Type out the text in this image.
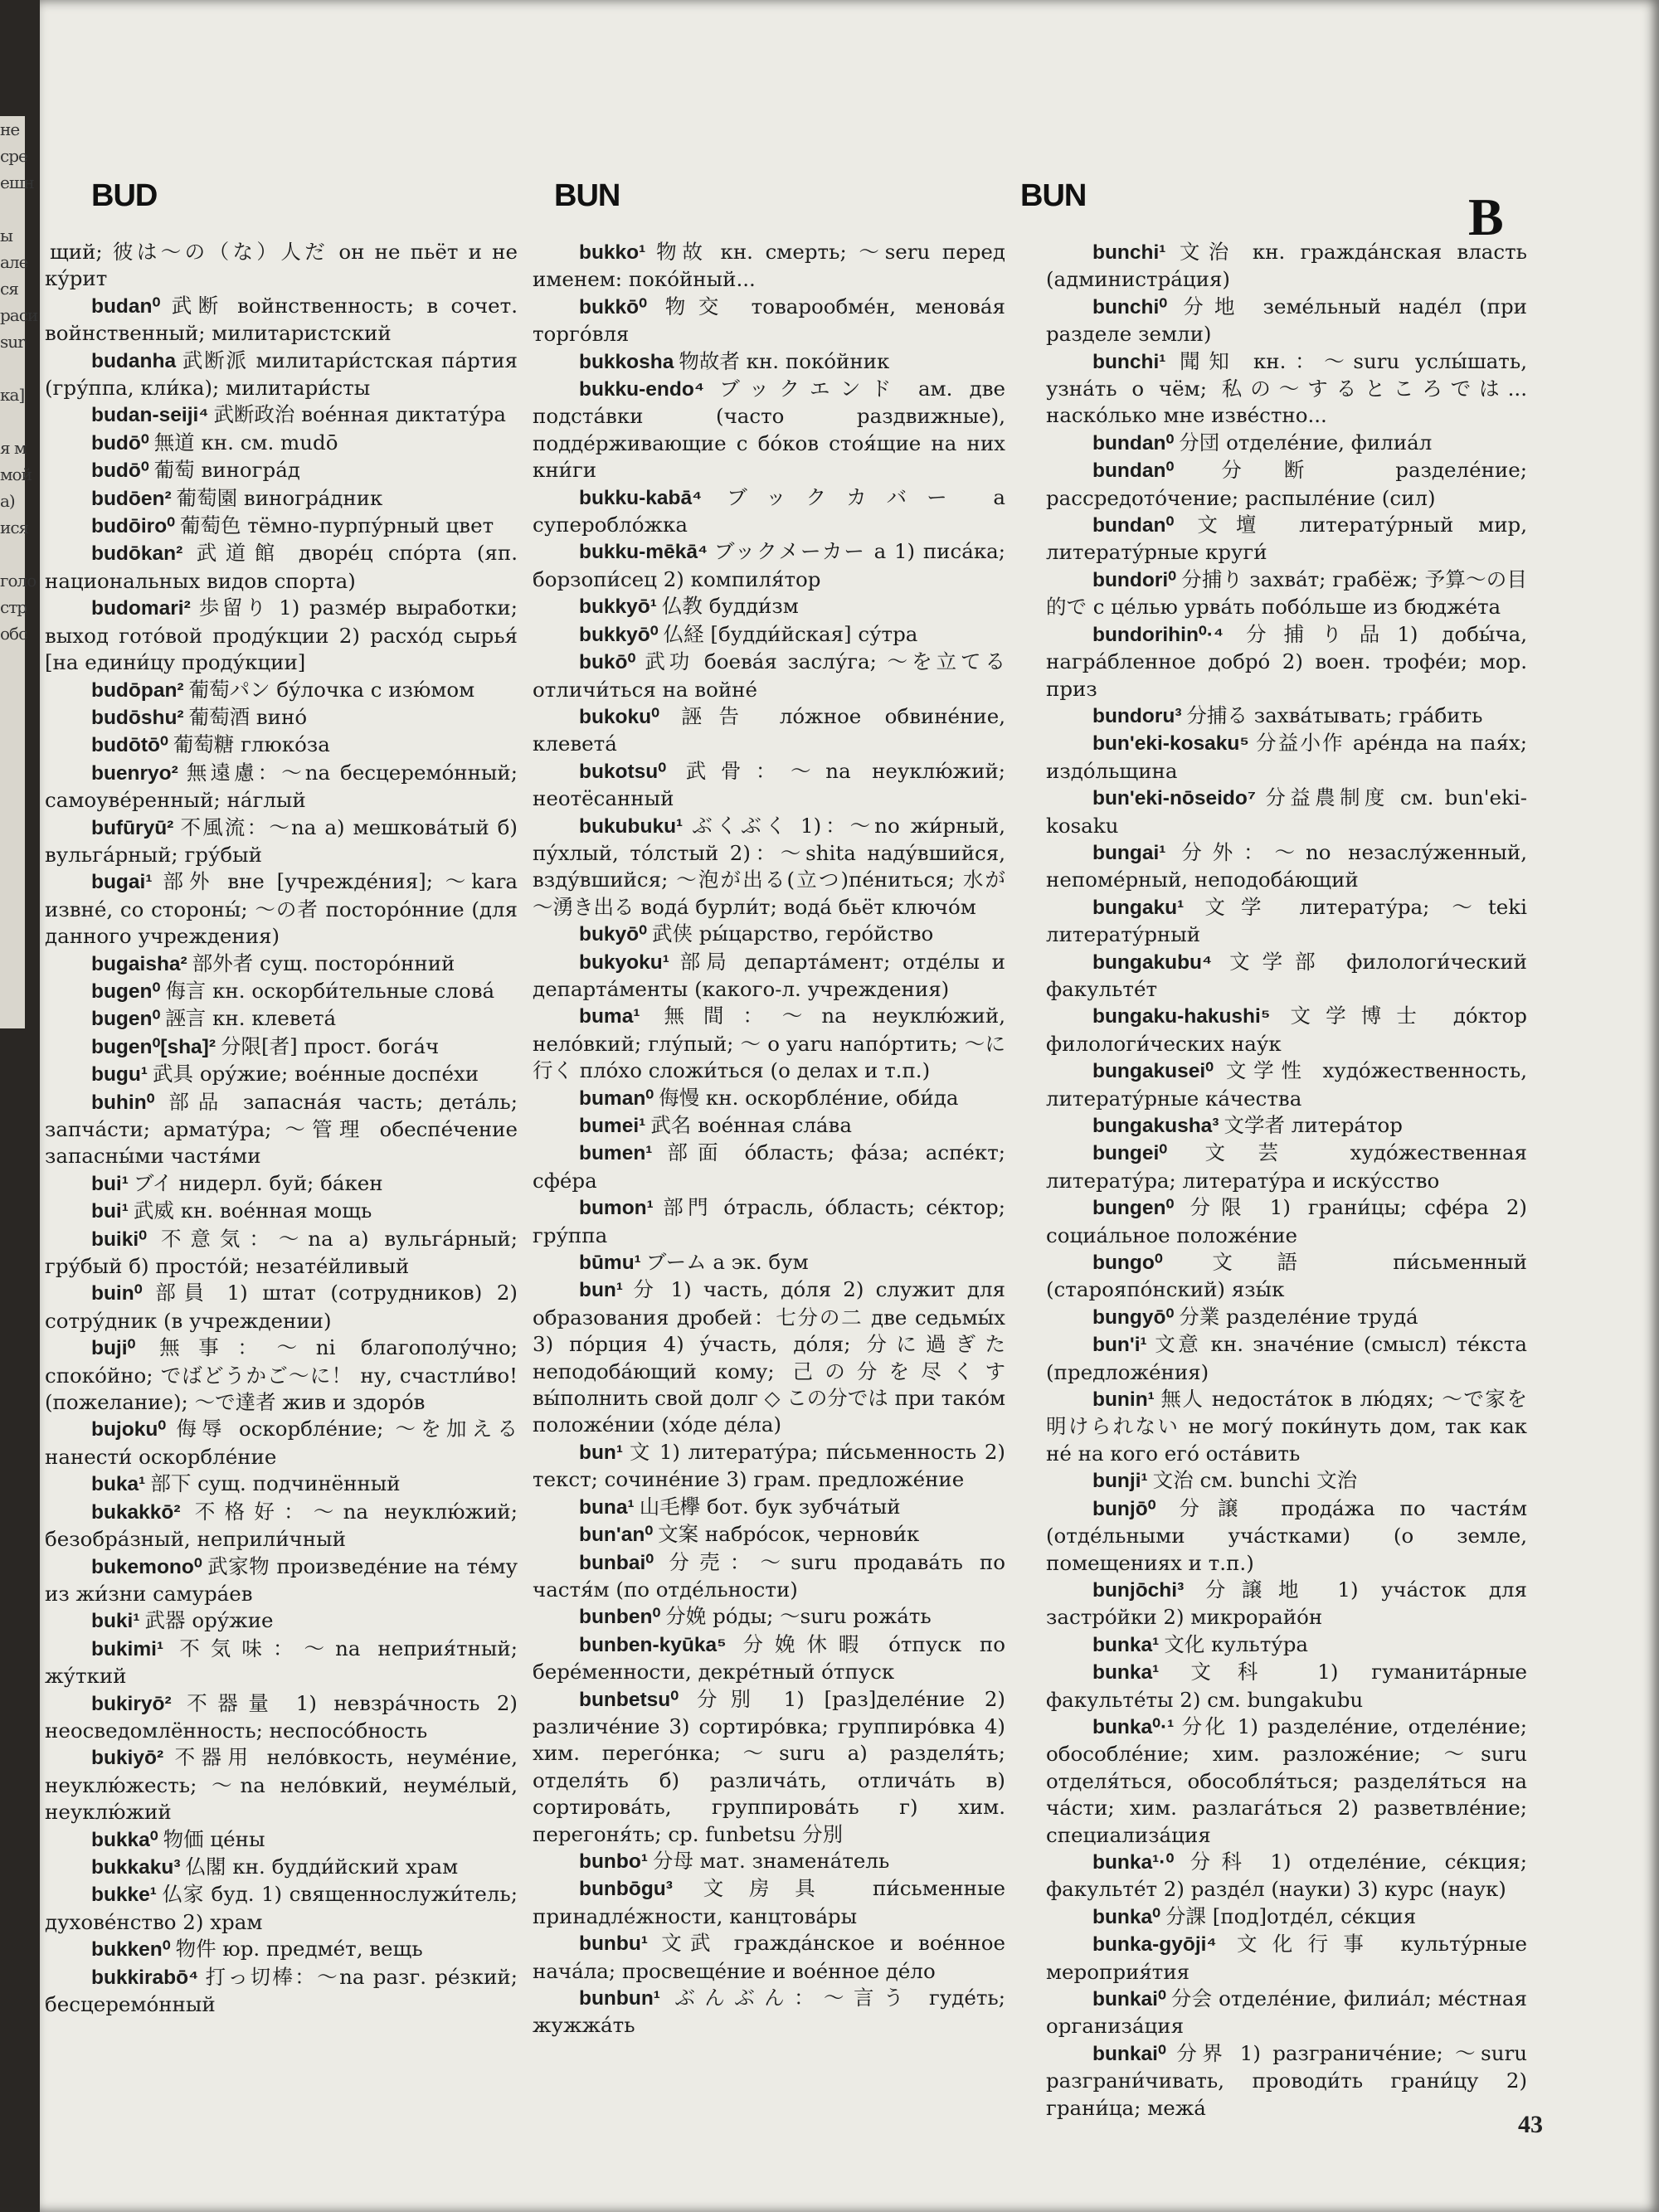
не
сре
ешн

ы
але
ся
раси
sur

ка]

я м
мой
а)
ися

голо
стр
обс

BUD	BUN	BUN	B

щий; 彼は～の（な）人だ он не пьёт и не ку́рит

budan⁰ 武断 войнственность; в сочет. войнственный; милитаристский

budanha 武断派 милитари́стская па́ртия (гру́ппа, кли́ка); милитари́сты

budan-seiji⁴ 武断政治 вое́нная диктату́ра

budō⁰ 無道 кн. см. mudō

budō⁰ 葡萄 виногра́д

budōen² 葡萄園 виногра́дник

budōiro⁰ 葡萄色 тёмно-пурпу́рный цвет

budōkan² 武道館 дворе́ц спо́рта (яп. национальных видов спорта)

budomari² 歩留り 1) разме́р выработки; выход гото́вой проду́кции 2) расхо́д сырья́ [на едини́цу проду́кции]

budōpan² 葡萄パン бу́лочка с изю́мом

budōshu² 葡萄酒 вино́

budōtō⁰ 葡萄糖 глюко́за

buenryo² 無遠慮：～na бесцеремо́нный; самоуве́ренный; на́глый

bufūryū² 不風流：～na а) мешкова́тый б) вульга́рный; гру́бый

bugai¹ 部外 вне [учрежде́ния]; ～kara извне́, со стороны́; ～の者 посторо́нние (для данного учреждения)

bugaisha² 部外者 сущ. посторо́нний

bugen⁰ 侮言 кн. оскорби́тельные слова́

bugen⁰ 誣言 кн. клевета́

bugen⁰[sha]² 分限[者] прост. бога́ч

bugu¹ 武具 ору́жие; вое́нные доспе́хи

buhin⁰ 部品 запасна́я часть; дета́ль; запча́сти; армату́ра; ～管理 обеспе́чение запасны́ми частя́ми

bui¹ ブイ нидерл. буй; ба́кен

bui¹ 武威 кн. вое́нная мощь

buiki⁰ 不意気：～na а) вульга́рный; гру́бый б) просто́й; незате́йливый

buin⁰ 部員 1) штат (сотрудников) 2) сотру́дник (в учреждении)

buji⁰ 無事：～ni благополу́чно; споко́йно; でばどうかご～に！ ну, счастли́во! (пожелание); ～で達者 жив и здоро́в

bujoku⁰ 侮辱 оскорбле́ние; ～を加える нанести́ оскорбле́ние

buka¹ 部下 сущ. подчинённый

bukakkō² 不格好：～na неуклю́жий; безобра́зный, неприли́чный

bukemono⁰ 武家物 произведе́ние на те́му из жи́зни самура́ев

buki¹ 武器 ору́жие

bukimi¹ 不気味：～na неприя́тный; жу́ткий

bukiryō² 不器量 1) невзра́чность 2) неосведомлённость; неспосо́бность

bukiyō² 不器用 нело́вкость, неуме́ние, неуклю́жесть; ～na нело́вкий, неуме́лый, неуклю́жий

bukka⁰ 物価 це́ны

bukkaku³ 仏閣 кн. будди́йский храм

bukke¹ 仏家 буд. 1) священнослужи́тель; духове́нство 2) храм

bukken⁰ 物件 юр. предме́т, вещь

bukkirabō⁴ 打っ切棒：～na разг. ре́зкий; бесцеремо́нный

bukko¹ 物故 кн. смерть; ～seru перед именем: поко́йный...

bukkō⁰ 物交 товарообме́н, менова́я торго́вля

bukkosha 物故者 кн. поко́йник

bukku-endo⁴ ブックエンド ам. две подста́вки (часто раздвижные), подде́рживающие с бо́ков стоя́щие на них кни́ги

bukku-kabā⁴ ブックカバー а суперобло́жка

bukku-mēkā⁴ ブックメーカー а 1) писа́ка; борзопи́сец 2) компиля́тор

bukkyō¹ 仏教 будди́зм

bukkyō⁰ 仏経 [будди́йская] су́тра

bukō⁰ 武功 боева́я заслу́га; ～を立てる отличи́ться на войне́

bukoku⁰ 誣告 ло́жное обвине́ние, клевета́

bukotsu⁰ 武骨：～na неуклю́жий; неотёсанный

bukubuku¹ ぶくぶく 1)：～no жи́рный, пу́хлый, то́лстый 2)：～shita наду́вшийся, взду́вшийся; ～泡が出る(立つ)пе́ниться; 水が～湧き出る вода́ бурли́т; вода́ бьёт ключо́м

bukyō⁰ 武侠 ры́царство, геро́йство

bukyoku¹ 部局 департа́мент; отде́лы и департа́менты (какого-л. учреждения)

buma¹ 無間：～na неуклю́жий, нело́вкий; глу́пый; ～ o yaru напо́ртить; ～に行く пло́хо сложи́ться (о делах и т.п.)

buman⁰ 侮慢 кн. оскорбле́ние, оби́да

bumei¹ 武名 вое́нная сла́ва

bumen¹ 部面 о́бласть; фа́за; аспе́кт; сфе́ра

bumon¹ 部門 о́трасль, о́бласть; се́ктор; гру́ппа

būmu¹ ブーム а эк. бум

bun¹ 分 1) часть, до́ля 2) служит для образования дробей：七分の二 две седьмы́х 3) по́рция 4) у́часть, до́ля; 分に過ぎた неподоба́ющий кому; 己の分を尽くす вы́полнить свой долг ◇ この分では при тако́м положе́нии (хо́де де́ла)

bun¹ 文 1) литерату́ра; пи́сьменность 2) текст; сочине́ние 3) грам. предложе́ние

buna¹ 山毛欅 бот. бук зубча́тый

bun'an⁰ 文案 набро́сок, чернови́к

bunbai⁰ 分売：～suru продава́ть по частя́м (по отде́льности)

bunben⁰ 分娩 ро́ды; ～suru рожа́ть

bunben-kyūka⁵ 分娩休暇 о́тпуск по бере́менности, декре́тный о́тпуск

bunbetsu⁰ 分別 1) [раз]деле́ние 2) различе́ние 3) сортиро́вка; группиро́вка 4) хим. перего́нка; ～suru а) разделя́ть; отделя́ть б) различа́ть, отлича́ть в) сортирова́ть, группирова́ть г) хим. перегоня́ть; ср. funbetsu 分別

bunbo¹ 分母 мат. знамена́тель

bunbōgu³ 文房具 пи́сьменные принадле́жности, канцтова́ры

bunbu¹ 文武 гражда́нское и вое́нное нача́ла; просвеще́ние и вое́нное де́ло

bunbun¹ ぶんぶん：～言う гуде́ть; жужжа́ть

bunchi¹ 文治 кн. гражда́нская власть (администра́ция)

bunchi⁰ 分地 земе́льный наде́л (при разделе земли)

bunchi¹ 聞知 кн.：～suru услы́шать, узна́ть о чём; 私の～するところでは... наско́лько мне изве́стно...

bundan⁰ 分団 отделе́ние, филиа́л

bundan⁰ 分断 разделе́ние; рассредото́чение; распыле́ние (сил)

bundan⁰ 文壇 литерату́рный мир, литерату́рные круги́

bundori⁰ 分捕り захва́т; грабёж; 予算～の目的で с це́лью урва́ть побо́льше из бюдже́та

bundorihin⁰·⁴ 分捕り品1) добы́ча, награ́бленное добро́ 2) воен. трофе́и; мор. приз

bundoru³ 分捕る захва́тывать; гра́бить

bun'eki-kosaku⁵ 分益小作 аре́нда на пая́х; издо́льщина

bun'eki-nōseido⁷ 分益農制度 см. bun'eki-kosaku

bungai¹ 分外：～no незаслу́женный, непоме́рный, неподоба́ющий

bungaku¹ 文学 литерату́ра; ～teki литерату́рный

bungakubu⁴ 文学部 филологи́ческий факульте́т

bungaku-hakushi⁵ 文学博士 до́ктор филологи́ческих нау́к

bungakusei⁰ 文学性 худо́жественность, литерату́рные ка́чества

bungakusha³ 文学者 литера́тор

bungei⁰ 文芸 худо́жественная литерату́ра; литерату́ра и иску́сство

bungen⁰ 分限 1) грани́цы; сфе́ра 2) социа́льное положе́ние

bungo⁰ 文語 пи́сьменный (старояпо́нский) язы́к

bungyō⁰ 分業 разделе́ние труда́

bun'i¹ 文意 кн. значе́ние (смысл) те́кста (предложе́ния)

bunin¹ 無人 недоста́ток в лю́дях; ～で家を明けられない не могу́ поки́нуть дом, так как не́ на кого его́ оста́вить

bunji¹ 文治 см. bunchi 文治

bunjō⁰ 分譲 прода́жа по частя́м (отде́льными уча́стками) (о земле, помещениях и т.п.)

bunjōchi³ 分譲地 1) уча́сток для застро́йки 2) микрорайо́н

bunka¹ 文化 культу́ра

bunka¹ 文科 1) гуманита́рные факульте́ты 2) см. bungakubu

bunka⁰·¹ 分化 1) разделе́ние, отделе́ние; обособле́ние; хим. разложе́ние; ～suru отделя́ться, обособля́ться; разделя́ться на ча́сти; хим. разлага́ться 2) разветвле́ние; специализа́ция

bunka¹·⁰ 分科 1) отделе́ние, се́кция; факульте́т 2) разде́л (науки) 3) курс (наук)

bunka⁰ 分課 [под]отде́л, се́кция

bunka-gyōji⁴ 文化行事 культу́рные мероприя́тия

bunkai⁰ 分会 отделе́ние, филиа́л; ме́стная организа́ция

bunkai⁰ 分界 1) разграниче́ние; ～suru разграни́чивать, проводи́ть грани́цу 2) грани́ца; межа́

43
